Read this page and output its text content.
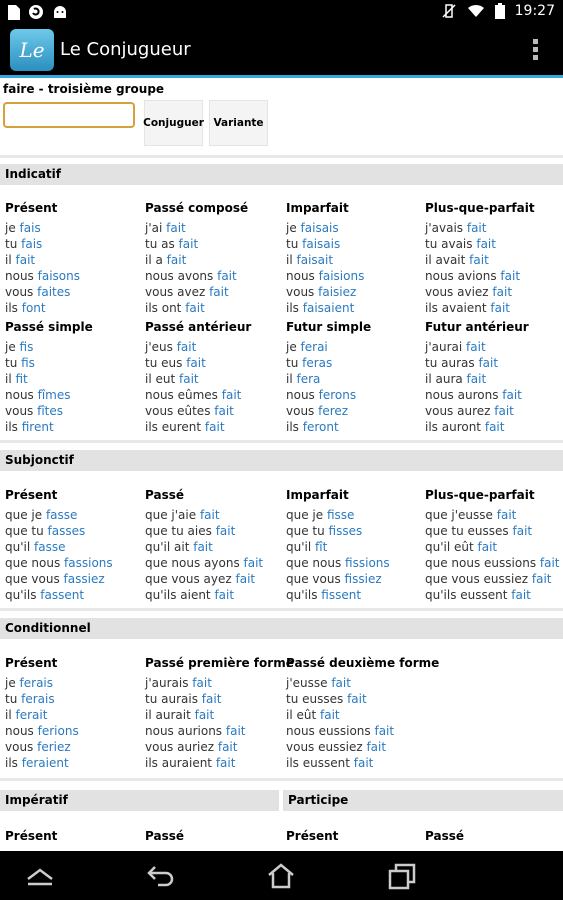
19:27
Le Le Conjugueur
faire - troisième groupe
Conjuguer Variante
Indicatif
Présent
je fais
tu fais
il fait
nous faisons
vous faites
ils font
Passé composé
j'ai fait
tu as fait
il a fait
nous avons fait
vous avez fait
ils ont fait
Imparfait
je faisais
tu faisais
il faisait
nous faisions
vous faisiez
ils faisaient
Plus-que-parfait
j'avais fait
tu avais fait
il avait fait
nous avions fait
vous aviez fait
ils avaient fait
Passé simple
je fis
tu fis
il fit
nous fîmes
vous fîtes
ils firent
Passé antérieur
j'eus fait
tu eus fait
il eut fait
nous eûmes fait
vous eûtes fait
ils eurent fait
Futur simple
je ferai
tu feras
il fera
nous ferons
vous ferez
ils feront
Futur antérieur
j'aurai fait
tu auras fait
il aura fait
nous aurons fait
vous aurez fait
ils auront fait
Subjonctif
Présent
que je fasse
que tu fasses
qu'il fasse
que nous fassions
que vous fassiez
qu'ils fassent
Passé
que j'aie fait
que tu aies fait
qu'il ait fait
que nous ayons fait
que vous ayez fait
qu'ils aient fait
Imparfait
que je fisse
que tu fisses
qu'il fît
que nous fissions
que vous fissiez
qu'ils fissent
Plus-que-parfait
que j'eusse fait
que tu eusses fait
qu'il eût fait
que nous eussions fait
que vous eussiez fait
qu'ils eussent fait
Conditionnel
Présent
je ferais
tu ferais
il ferait
nous ferions
vous feriez
ils feraient
Passé première forme
j'aurais fait
tu aurais fait
il aurait fait
nous aurions fait
vous auriez fait
ils auraient fait
Passé deuxième forme
j'eusse fait
tu eusses fait
il eût fait
nous eussions fait
vous eussiez fait
ils eussent fait
Impératif	Participe
Présent	Passé	Présent	Passé
